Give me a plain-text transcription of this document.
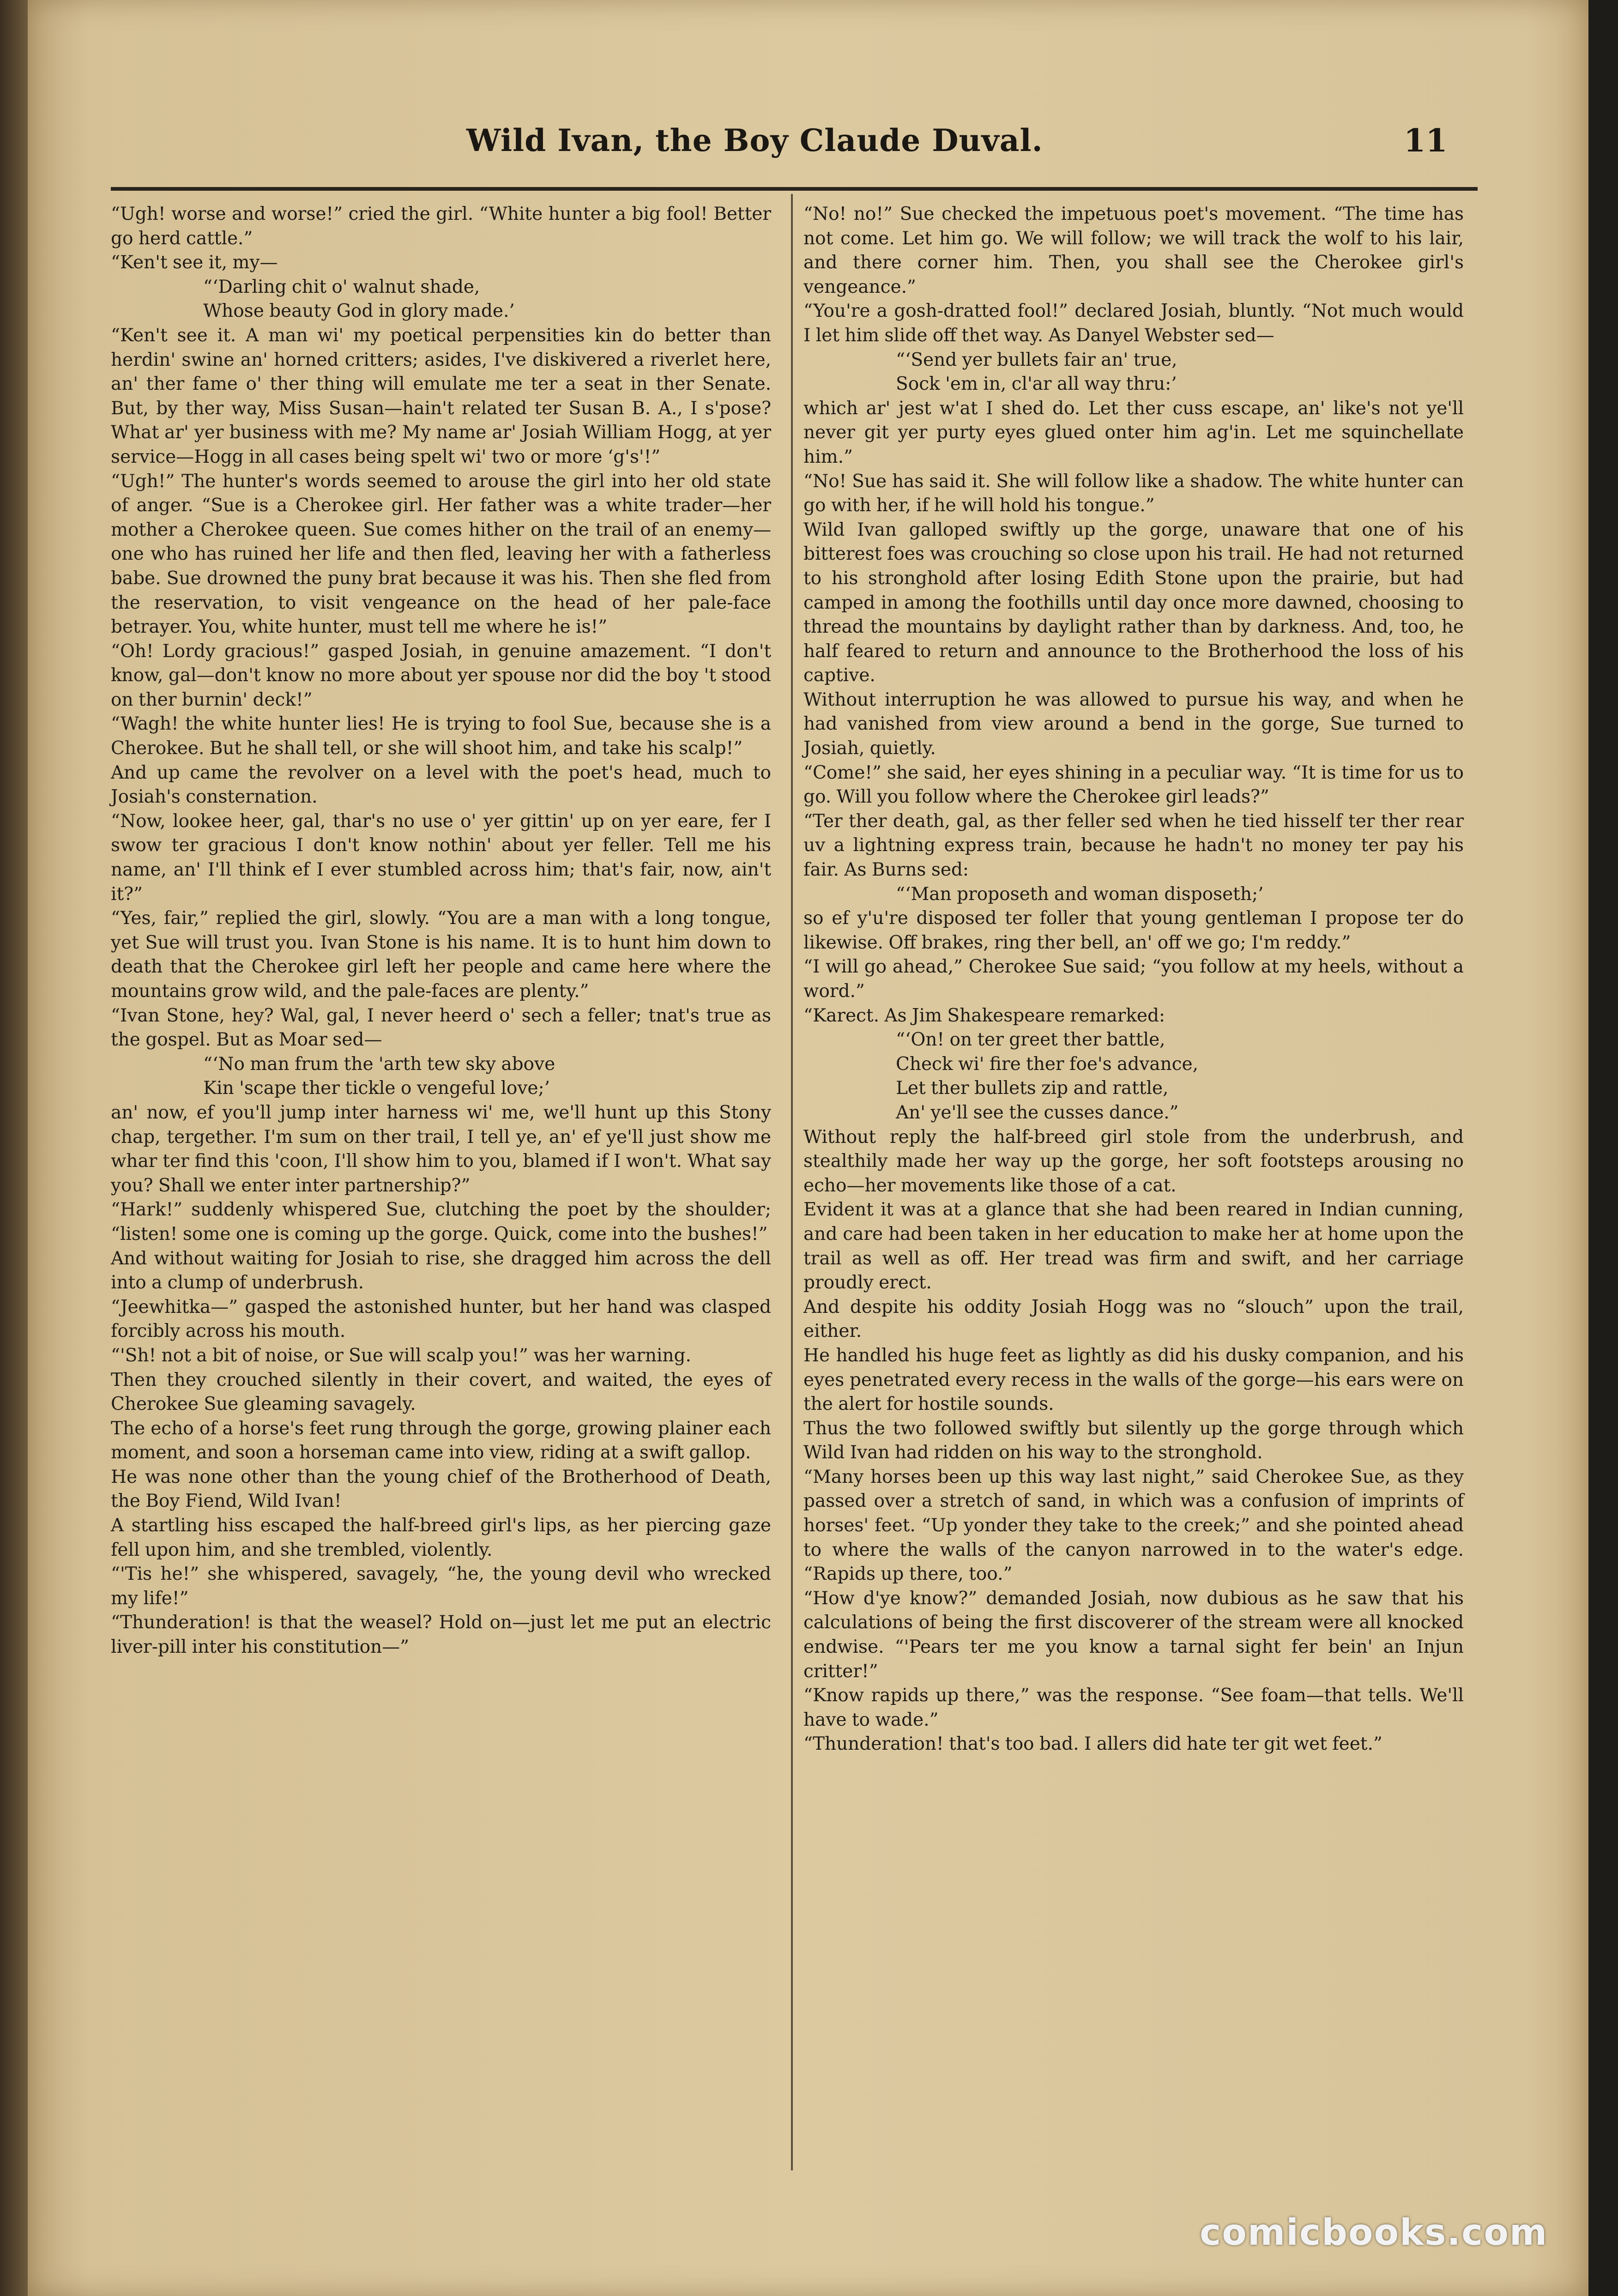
Wild Ivan, the Boy Claude Duval.	11

“Ugh! worse and worse!” cried the girl. “White hunter a big fool! Better go herd cattle.”

“Ken't see it, my—

“‘Darling chit o' walnut shade,
Whose beauty God in glory made.’

“Ken't see it. A man wi' my poetical perpensities kin do better than herdin' swine an' horned critters; asides, I've diskivered a riverlet here, an' ther fame o' ther thing will emulate me ter a seat in ther Senate. But, by ther way, Miss Susan—hain't related ter Susan B. A., I s'pose? What ar' yer business with me? My name ar' Josiah William Hogg, at yer service—Hogg in all cases being spelt wi' two or more ‘g's'!”

“Ugh!” The hunter's words seemed to arouse the girl into her old state of anger. “Sue is a Cherokee girl. Her father was a white trader—her mother a Cherokee queen. Sue comes hither on the trail of an enemy—one who has ruined her life and then fled, leaving her with a fatherless babe. Sue drowned the puny brat because it was his. Then she fled from the reservation, to visit vengeance on the head of her pale-face betrayer. You, white hunter, must tell me where he is!”

“Oh! Lordy gracious!” gasped Josiah, in genuine amazement. “I don't know, gal—don't know no more about yer spouse nor did the boy 't stood on ther burnin' deck!”

“Wagh! the white hunter lies! He is trying to fool Sue, because she is a Cherokee. But he shall tell, or she will shoot him, and take his scalp!”

And up came the revolver on a level with the poet's head, much to Josiah's consternation.

“Now, lookee heer, gal, thar's no use o' yer gittin' up on yer eare, fer I swow ter gracious I don't know nothin' about yer feller. Tell me his name, an' I'll think ef I ever stumbled across him; that's fair, now, ain't it?”

“Yes, fair,” replied the girl, slowly. “You are a man with a long tongue, yet Sue will trust you. Ivan Stone is his name. It is to hunt him down to death that the Cherokee girl left her people and came here where the mountains grow wild, and the pale-faces are plenty.”

“Ivan Stone, hey? Wal, gal, I never heerd o' sech a feller; tnat's true as the gospel. But as Moar sed—

“‘No man frum the 'arth tew sky above
Kin 'scape ther tickle o vengeful love;’

an' now, ef you'll jump inter harness wi' me, we'll hunt up this Stony chap, tergether. I'm sum on ther trail, I tell ye, an' ef ye'll just show me whar ter find this 'coon, I'll show him to you, blamed if I won't. What say you? Shall we enter inter partnership?”

“Hark!” suddenly whispered Sue, clutching the poet by the shoulder; “listen! some one is coming up the gorge. Quick, come into the bushes!”

And without waiting for Josiah to rise, she dragged him across the dell into a clump of underbrush.

“Jeewhitka—” gasped the astonished hunter, but her hand was clasped forcibly across his mouth.

“'Sh! not a bit of noise, or Sue will scalp you!” was her warning.

Then they crouched silently in their covert, and waited, the eyes of Cherokee Sue gleaming savagely.

The echo of a horse's feet rung through the gorge, growing plainer each moment, and soon a horseman came into view, riding at a swift gallop.

He was none other than the young chief of the Brotherhood of Death, the Boy Fiend, Wild Ivan!

A startling hiss escaped the half-breed girl's lips, as her piercing gaze fell upon him, and she trembled, violently.

“'Tis he!” she whispered, savagely, “he, the young devil who wrecked my life!”

“Thunderation! is that the weasel? Hold on—just let me put an electric liver-pill inter his constitution—”

“No! no!” Sue checked the impetuous poet's movement. “The time has not come. Let him go. We will follow; we will track the wolf to his lair, and there corner him. Then, you shall see the Cherokee girl's vengeance.”

“You're a gosh-dratted fool!” declared Josiah, bluntly. “Not much would I let him slide off thet way. As Danyel Webster sed—

“‘Send yer bullets fair an' true,
Sock 'em in, cl'ar all way thru:’

which ar' jest w'at I shed do. Let ther cuss escape, an' like's not ye'll never git yer purty eyes glued onter him ag'in. Let me squinchellate him.”

“No! Sue has said it. She will follow like a shadow. The white hunter can go with her, if he will hold his tongue.”

Wild Ivan galloped swiftly up the gorge, unaware that one of his bitterest foes was crouching so close upon his trail. He had not returned to his stronghold after losing Edith Stone upon the prairie, but had camped in among the foothills until day once more dawned, choosing to thread the mountains by daylight rather than by darkness. And, too, he half feared to return and announce to the Brotherhood the loss of his captive.

Without interruption he was allowed to pursue his way, and when he had vanished from view around a bend in the gorge, Sue turned to Josiah, quietly.

“Come!” she said, her eyes shining in a peculiar way. “It is time for us to go. Will you follow where the Cherokee girl leads?”

“Ter ther death, gal, as ther feller sed when he tied hisself ter ther rear uv a lightning express train, because he hadn't no money ter pay his fair. As Burns sed:

“‘Man proposeth and woman disposeth;’

so ef y'u're disposed ter foller that young gentleman I propose ter do likewise. Off brakes, ring ther bell, an' off we go; I'm reddy.”

“I will go ahead,” Cherokee Sue said; “you follow at my heels, without a word.”

“Karect. As Jim Shakespeare remarked:

“‘On! on ter greet ther battle,
Check wi' fire ther foe's advance,
Let ther bullets zip and rattle,
An' ye'll see the cusses dance.”

Without reply the half-breed girl stole from the underbrush, and stealthily made her way up the gorge, her soft footsteps arousing no echo—her movements like those of a cat.

Evident it was at a glance that she had been reared in Indian cunning, and care had been taken in her education to make her at home upon the trail as well as off. Her tread was firm and swift, and her carriage proudly erect.

And despite his oddity Josiah Hogg was no “slouch” upon the trail, either.

He handled his huge feet as lightly as did his dusky companion, and his eyes penetrated every recess in the walls of the gorge—his ears were on the alert for hostile sounds.

Thus the two followed swiftly but silently up the gorge through which Wild Ivan had ridden on his way to the stronghold.

“Many horses been up this way last night,” said Cherokee Sue, as they passed over a stretch of sand, in which was a confusion of imprints of horses' feet. “Up yonder they take to the creek;” and she pointed ahead to where the walls of the canyon narrowed in to the water's edge. “Rapids up there, too.”

“How d'ye know?” demanded Josiah, now dubious as he saw that his calculations of being the first discoverer of the stream were all knocked endwise. “'Pears ter me you know a tarnal sight fer bein' an Injun critter!”

“Know rapids up there,” was the response. “See foam—that tells. We'll have to wade.”

“Thunderation! that's too bad. I allers did hate ter git wet feet.”

comicbooks.com
